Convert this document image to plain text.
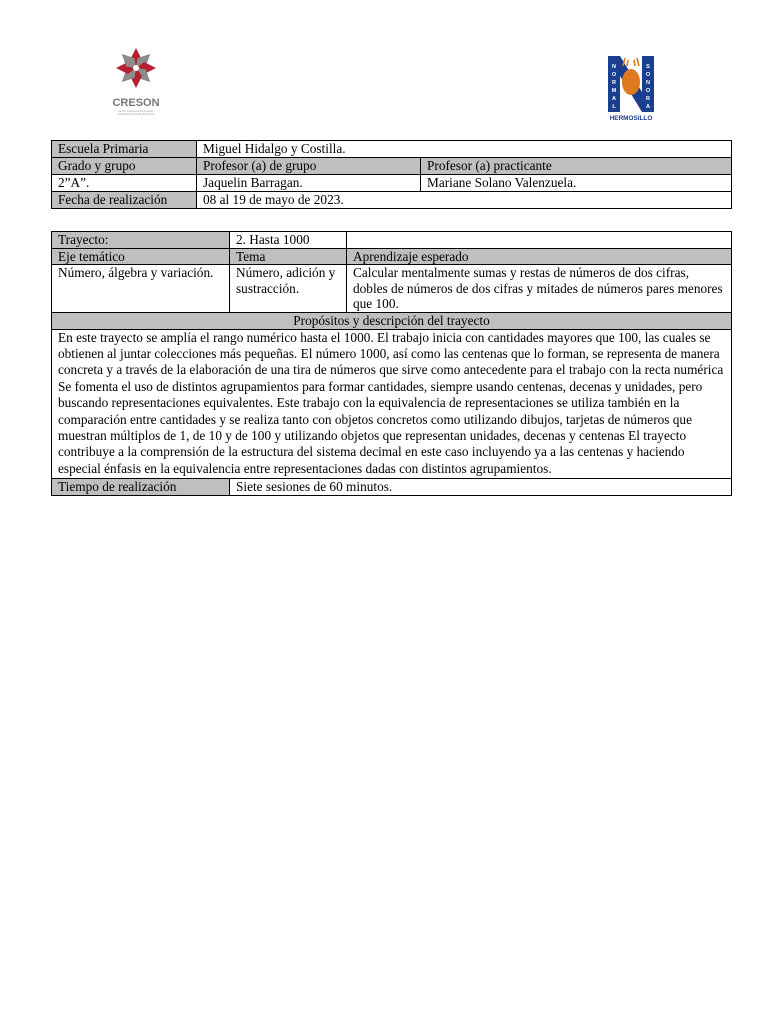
CRESON
Centro Regional de Formación
Profesional Docente de Sonora
N
O
R
M
A
L
S
O
N
O
R
A
HERMOSILLO
Escuela Primaria	Miguel Hidalgo y Costilla.	
Grado y grupo	Profesor (a) de grupo	Profesor (a) practicante
2”A”.	Jaquelin Barragan.	Mariane Solano Valenzuela.
Fecha de realización	08 al 19 de mayo de 2023.	
Trayecto:	2. Hasta 1000	
Eje temático	Tema	Aprendizaje esperado
Número, álgebra y variación.	Número, adición y sustracción.	Calcular mentalmente sumas y restas de números de dos cifras, dobles de números de dos cifras y mitades de números pares menores que 100.
Propósitos y descripción del trayecto		
En este trayecto se amplía el rango numérico hasta el 1000. El trabajo inicia con cantidades mayores que 100, las cuales se obtienen al juntar colecciones más pequeñas. El número 1000, así como las centenas que lo forman, se representa de manera concreta y a través de la elaboración de una tira de números que sirve como antecedente para el trabajo con la recta numérica Se fomenta el uso de distintos agrupamientos para formar cantidades, siempre usando centenas, decenas y unidades, pero buscando representaciones equivalentes. Este trabajo con la equivalencia de representaciones se utiliza también en la comparación entre cantidades y se realiza tanto con objetos concretos como utilizando dibujos, tarjetas de números que muestran múltiplos de 1, de 10 y de 100 y utilizando objetos que representan unidades, decenas y centenas El trayecto contribuye a la comprensión de la estructura del sistema decimal en este caso incluyendo ya a las centenas y haciendo especial énfasis en la equivalencia entre representaciones dadas con distintos agrupamientos.		
Tiempo de realización	Siete sesiones de 60 minutos.	
